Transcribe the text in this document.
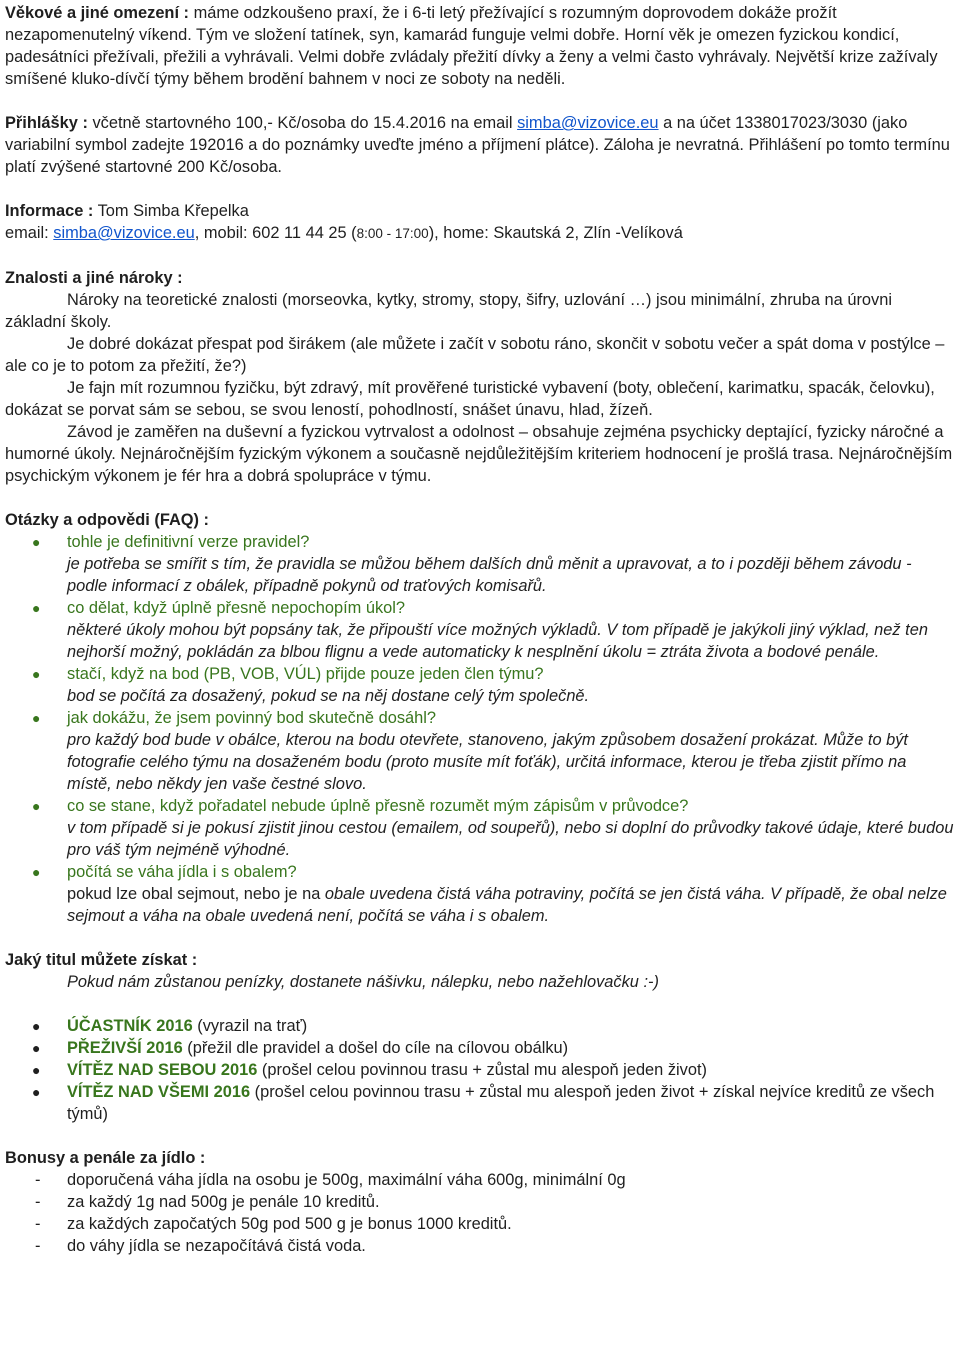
Věkové a jiné omezení : máme odzkoušeno praxí, že i 6-ti letý přežívající s rozumným doprovodem dokáže prožít nezapomenutelný víkend. Tým ve složení tatínek, syn, kamarád funguje velmi dobře. Horní věk je omezen fyzickou kondicí, padesátníci přežívali, přežili a vyhrávali. Velmi dobře zvládaly přežití dívky a ženy a velmi často vyhrávaly. Největší krize zažívaly smíšené kluko-dívčí týmy během brodění bahnem v noci ze soboty na neděli.

Přihlášky : včetně startovného 100,- Kč/osoba do 15.4.2016 na email simba@vizovice.eu a na účet 1338017023/3030 (jako variabilní symbol zadejte 192016 a do poznámky uveďte jméno a příjmení plátce). Záloha je nevratná. Přihlášení po tomto termínu platí zvýšené startovné 200 Kč/osoba.

Informace : Tom Simba Křepelka

email: simba@vizovice.eu, mobil: 602 11 44 25 (8:00 - 17:00), home: Skautská 2, Zlín -Velíková

Znalosti a jiné nároky :

Nároky na teoretické znalosti (morseovka, kytky, stromy, stopy, šifry, uzlování …) jsou minimální, zhruba na úrovni základní školy.

Je dobré dokázat přespat pod širákem (ale můžete i začít v sobotu ráno, skončit v sobotu večer a spát doma v postýlce – ale co je to potom za přežití, že?)

Je fajn mít rozumnou fyzičku, být zdravý, mít prověřené turistické vybavení (boty, oblečení, karimatku, spacák, čelovku), dokázat se porvat sám se sebou, se svou leností, pohodlností, snášet únavu, hlad, žízeň.

Závod je zaměřen na duševní a fyzickou vytrvalost a odolnost – obsahuje zejména psychicky deptající, fyzicky náročné a humorné úkoly. Nejnáročnějším fyzickým výkonem a současně nejdůležitějším kriteriem hodnocení je prošlá trasa. Nejnáročnějším psychickým výkonem je fér hra a dobrá spolupráce v týmu.

Otázky a odpovědi (FAQ) :

● tohle je definitivní verze pravidel?

je potřeba se smířit s tím, že pravidla se můžou během dalších dnů měnit a upravovat, a to i později během závodu - podle informací z obálek, případně pokynů od traťových komisařů.

● co dělat, když úplně přesně nepochopím úkol?

některé úkoly mohou být popsány tak, že připouští více možných výkladů. V tom případě je jakýkoli jiný výklad, než ten nejhorší možný, pokládán za blbou flignu a vede automaticky k nesplnění úkolu = ztráta života a bodové penále.

● stačí, když na bod (PB, VOB, VÚL) přijde pouze jeden člen týmu?

bod se počítá za dosažený, pokud se na něj dostane celý tým společně.

● jak dokážu, že jsem povinný bod skutečně dosáhl?

pro každý bod bude v obálce, kterou na bodu otevřete, stanoveno, jakým způsobem dosažení prokázat. Může to být fotografie celého týmu na dosaženém bodu (proto musíte mít foťák), určitá informace, kterou je třeba zjistit přímo na místě, nebo někdy jen vaše čestné slovo.

● co se stane, když pořadatel nebude úplně přesně rozumět mým zápisům v průvodce?

v tom případě si je pokusí zjistit jinou cestou (emailem, od soupeřů), nebo si doplní do průvodky takové údaje, které budou pro váš tým nejméně výhodné.

● počítá se váha jídla i s obalem?

pokud lze obal sejmout, nebo je na obale uvedena čistá váha potraviny, počítá se jen čistá váha. V případě, že obal nelze sejmout a váha na obale uvedená není, počítá se váha i s obalem.

Jaký titul můžete získat :

Pokud nám zůstanou penízky, dostanete nášivku, nálepku, nebo nažehlovačku :-)

● ÚČASTNÍK 2016 (vyrazil na trať)
● PŘEŽIVŠÍ 2016 (přežil dle pravidel a došel do cíle na cílovou obálku)
● VÍTĚZ NAD SEBOU 2016 (prošel celou povinnou trasu + zůstal mu alespoň jeden život)
● VÍTĚZ NAD VŠEMI 2016 (prošel celou povinnou trasu + zůstal mu alespoň jeden život + získal nejvíce kreditů ze všech týmů)

Bonusy a penále za jídlo :

- doporučená váha jídla na osobu je 500g, maximální váha 600g, minimální 0g
- za každý 1g nad 500g je penále 10 kreditů.
- za každých započatých 50g pod 500 g je bonus 1000 kreditů.
- do váhy jídla se nezapočítává čistá voda.
